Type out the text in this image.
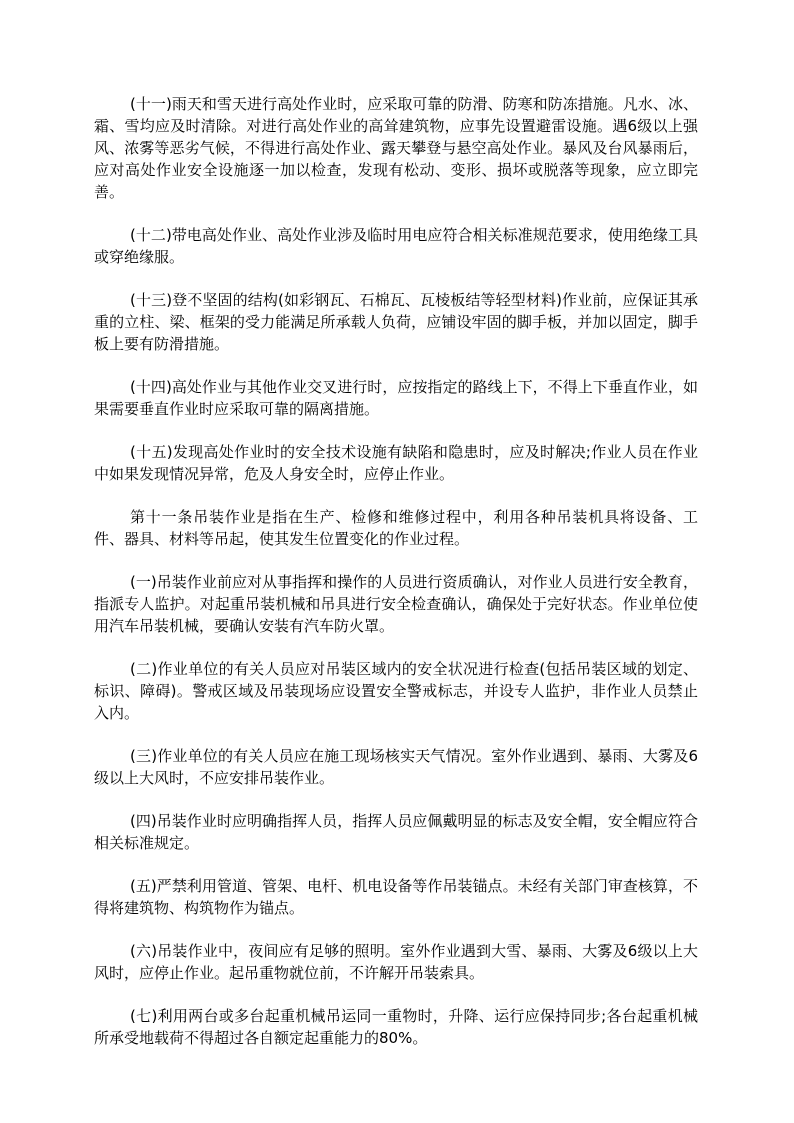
(十一)雨天和雪天进行高处作业时，应采取可靠的防滑、防寒和防冻措施。凡水、冰、霜、雪均应及时清除。对进行高处作业的高耸建筑物，应事先设置避雷设施。遇6级以上强风、浓雾等恶劣气候，不得进行高处作业、露天攀登与悬空高处作业。暴风及台风暴雨后，应对高处作业安全设施逐一加以检查，发现有松动、变形、损坏或脱落等现象，应立即完善。

(十二)带电高处作业、高处作业涉及临时用电应符合相关标准规范要求，使用绝缘工具或穿绝缘服。

(十三)登不坚固的结构(如彩钢瓦、石棉瓦、瓦棱板结等轻型材料)作业前，应保证其承重的立柱、梁、框架的受力能满足所承载人负荷，应铺设牢固的脚手板，并加以固定，脚手板上要有防滑措施。

(十四)高处作业与其他作业交叉进行时，应按指定的路线上下，不得上下垂直作业，如果需要垂直作业时应采取可靠的隔离措施。

(十五)发现高处作业时的安全技术设施有缺陷和隐患时，应及时解决;作业人员在作业中如果发现情况异常，危及人身安全时，应停止作业。

第十一条吊装作业是指在生产、检修和维修过程中，利用各种吊装机具将设备、工件、器具、材料等吊起，使其发生位置变化的作业过程。

(一)吊装作业前应对从事指挥和操作的人员进行资质确认，对作业人员进行安全教育，指派专人监护。对起重吊装机械和吊具进行安全检查确认，确保处于完好状态。作业单位使用汽车吊装机械，要确认安装有汽车防火罩。

(二)作业单位的有关人员应对吊装区域内的安全状况进行检查(包括吊装区域的划定、标识、障碍)。警戒区域及吊装现场应设置安全警戒标志，并设专人监护，非作业人员禁止入内。

(三)作业单位的有关人员应在施工现场核实天气情况。室外作业遇到、暴雨、大雾及6级以上大风时，不应安排吊装作业。

(四)吊装作业时应明确指挥人员，指挥人员应佩戴明显的标志及安全帽，安全帽应符合相关标准规定。

(五)严禁利用管道、管架、电杆、机电设备等作吊装锚点。未经有关部门审查核算，不得将建筑物、构筑物作为锚点。

(六)吊装作业中，夜间应有足够的照明。室外作业遇到大雪、暴雨、大雾及6级以上大风时，应停止作业。起吊重物就位前，不许解开吊装索具。

(七)利用两台或多台起重机械吊运同一重物时，升降、运行应保持同步;各台起重机械所承受地载荷不得超过各自额定起重能力的80%。
